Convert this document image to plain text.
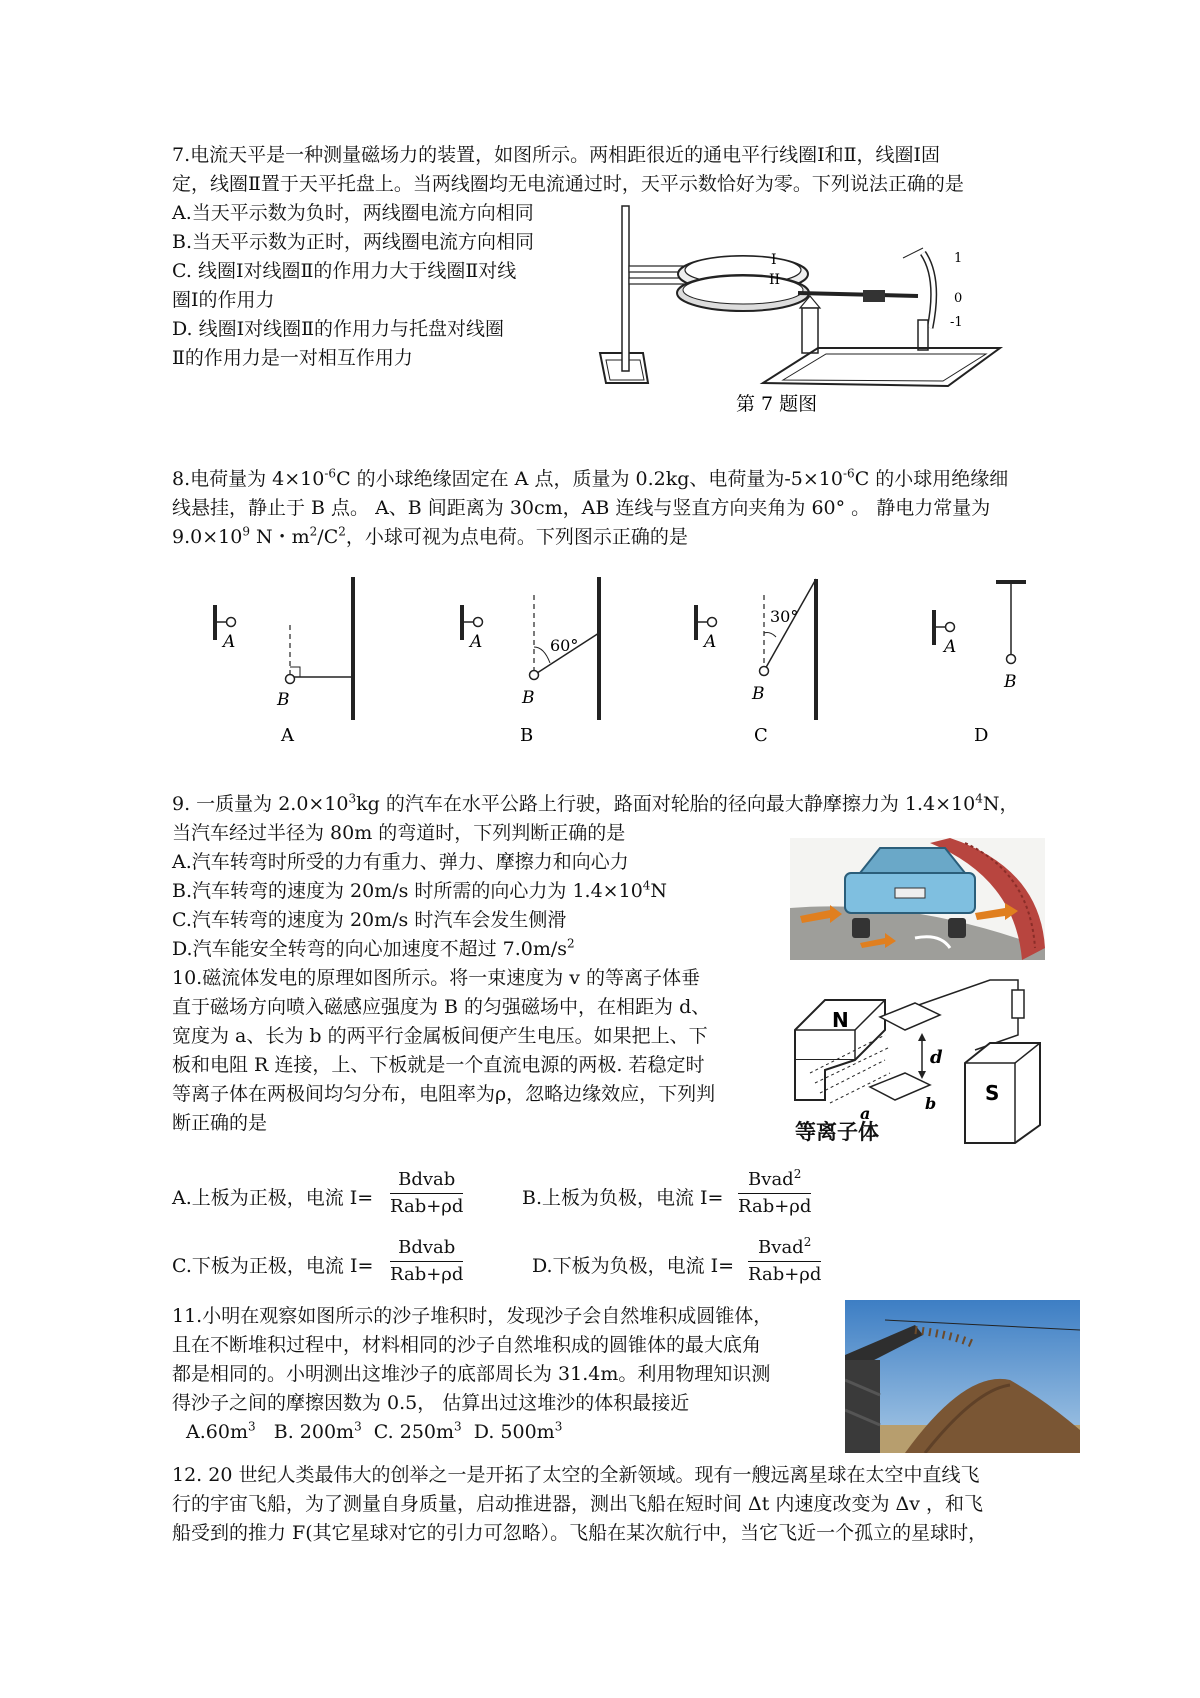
7.电流天平是一种测量磁场力的装置，如图所示。两相距很近的通电平行线圈Ⅰ和Ⅱ，线圈Ⅰ固
定，线圈Ⅱ置于天平托盘上。当两线圈均无电流通过时，天平示数恰好为零。下列说法正确的是
A.当天平示数为负时，两线圈电流方向相同
B.当天平示数为正时，两线圈电流方向相同
C. 线圈Ⅰ对线圈Ⅱ的作用力大于线圈Ⅱ对线
圈Ⅰ的作用力
D. 线圈Ⅰ对线圈Ⅱ的作用力与托盘对线圈
Ⅱ的作用力是一对相互作用力
I
II
1
0
-1
第 7 题图
8.电荷量为 $4\times 10^{-6}C$ 的小球绝缘固定在 A 点，质量为 0.2kg、电荷量为$-5\times 10^{-6}C$ 的小球用绝缘细
线悬挂，静止于 B 点。 A、B 间距离为 30cm，AB 连线与竖直方向夹角为 60° 。 静电力常量为
$9.0\times 10^9$ N・$m^2/C^2$，小球可视为点电荷。下列图示正确的是
A
B
A
A	60°
B
B
A
30°
B
C
B
A
D
9. 一质量为 $2.0\times 10^3kg$ 的汽车在水平公路上行驶，路面对轮胎的径向最大静摩擦力为 $1.4\times 10^4N$，
当汽车经过半径为 80m 的弯道时，下列判断正确的是
A.汽车转弯时所受的力有重力、弹力、摩擦力和向心力
B.汽车转弯的速度为 20m/s 时所需的向心力为 $1.4\times 10^4N$
C.汽车转弯的速度为 20m/s 时汽车会发生侧滑
D.汽车能安全转弯的向心加速度不超过 $7.0m/s^2$
10.磁流体发电的原理如图所示。将一束速度为 v 的等离子体垂
直于磁场方向喷入磁感应强度为 B 的匀强磁场中，在相距为 d、
宽度为 a、长为 b 的两平行金属板间便产生电压。如果把上、下
板和电阻 R 连接，上、下板就是一个直流电源的两极. 若稳定时
等离子体在两极间均匀分布，电阻率为ρ，忽略边缘效应，下列判
断正确的是
N
d
S
a
b
等离子体
A.上板为正极，电流 I=
Bdvab
Rab+ρd	B.上板为负极，电流 I=
Bvad$^2$
Rab+ρd
C.下板为正极，电流 I=
Bdvab
Rab+ρd	D.下板为负极，电流 I=
Bvad$^2$
Rab+ρd
11.小明在观察如图所示的沙子堆积时，发现沙子会自然堆积成圆锥体，
且在不断堆积过程中，材料相同的沙子自然堆积成的圆锥体的最大底角
都是相同的。小明测出这堆沙子的底部周长为 31.4m。利用物理知识测
得沙子之间的摩擦因数为 0.5， 估算出过这堆沙的体积最接近
$A.60m^3$ B. $200m^3$ C. $250m^3$ D. $500m^3$
12. 20 世纪人类最伟大的创举之一是开拓了太空的全新领域。现有一艘远离星球在太空中直线飞
行的宇宙飞船，为了测量自身质量，启动推进器，测出飞船在短时间 Δt 内速度改变为 Δv ，和飞
船受到的推力 F(其它星球对它的引力可忽略）。飞船在某次航行中，当它飞近一个孤立的星球时，
